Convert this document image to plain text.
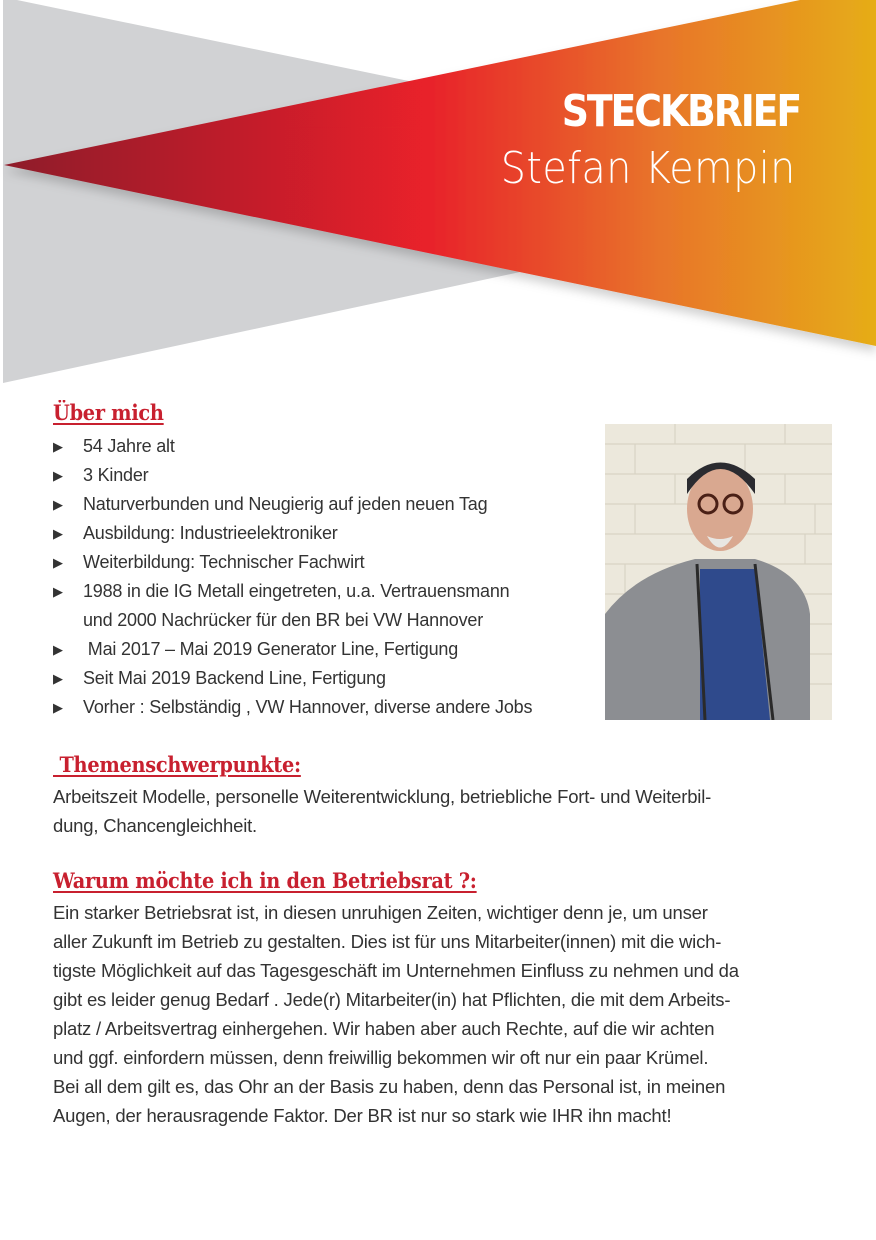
STECKBRIEF
Stefan Kempin
Über mich
▶ 54 Jahre alt
▶ 3 Kinder
▶ Naturverbunden und Neugierig auf jeden neuen Tag
▶ Ausbildung: Industrieelektroniker
▶ Weiterbildung: Technischer Fachwirt
▶ 1988 in die IG Metall eingetreten, u.a. Vertrauensmann
und 2000 Nachrücker für den BR bei VW Hannover
▶ Mai 2017 – Mai 2019 Generator Line, Fertigung
▶ Seit Mai 2019 Backend Line, Fertigung
▶ Vorher : Selbständig , VW Hannover, diverse andere Jobs
Themenschwerpunkte:
Arbeitszeit Modelle, personelle Weiterentwicklung, betriebliche Fort- und Weiterbil-
dung, Chancengleichheit.
Warum möchte ich in den Betriebsrat ?:
Ein starker Betriebsrat ist, in diesen unruhigen Zeiten, wichtiger denn je, um unser
aller Zukunft im Betrieb zu gestalten. Dies ist für uns Mitarbeiter(innen) mit die wich-
tigste Möglichkeit auf das Tagesgeschäft im Unternehmen Einfluss zu nehmen und da
gibt es leider genug Bedarf . Jede(r) Mitarbeiter(in) hat Pflichten, die mit dem Arbeits-
platz / Arbeitsvertrag einhergehen. Wir haben aber auch Rechte, auf die wir achten
und ggf. einfordern müssen, denn freiwillig bekommen wir oft nur ein paar Krümel.
Bei all dem gilt es, das Ohr an der Basis zu haben, denn das Personal ist, in meinen
Augen, der herausragende Faktor. Der BR ist nur so stark wie IHR ihn macht!
